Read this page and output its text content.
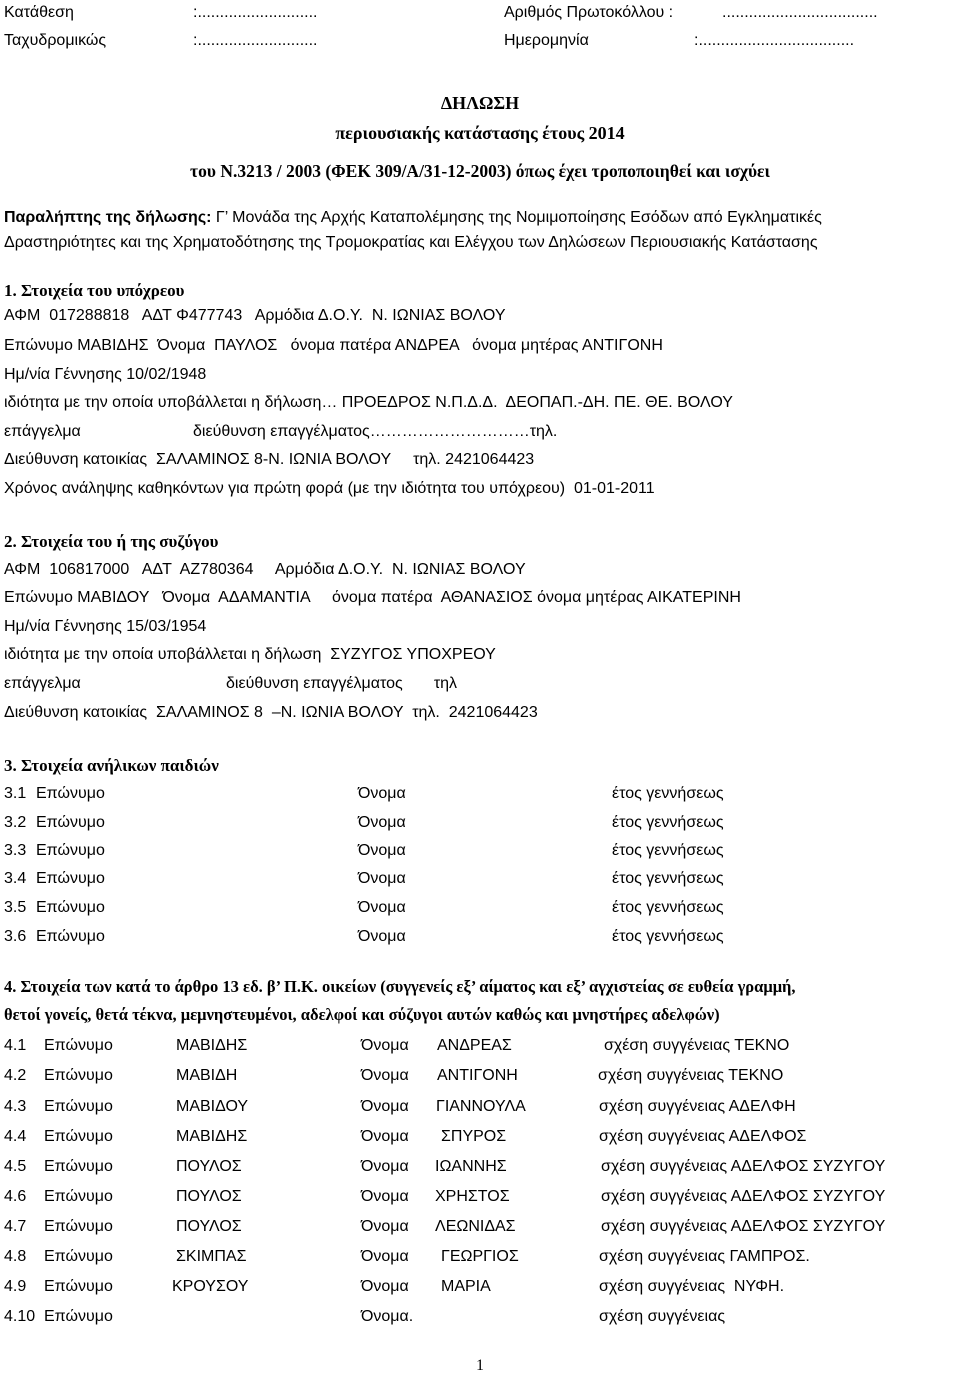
Κατάθεση	:...........................	Αριθμός Πρωτοκόλλου :	...................................
Ταχυδρομικώς	:...........................	Ημερομηνία	:...................................
ΔΗΛΩΣΗ
περιουσιακής κατάστασης έτους 2014
του Ν.3213 / 2003 (ΦΕΚ 309/Α/31-12-2003) όπως έχει τροποποιηθεί και ισχύει
Παραλήπτης της δήλωσης: Γ’ Μονάδα της Αρχής Καταπολέμησης της Νομιμοποίησης Εσόδων από Εγκληματικές
Δραστηριότητες και της Χρηματοδότησης της Τρομοκρατίας και Ελέγχου των Δηλώσεων Περιουσιακής Κατάστασης
1. Στοιχεία του υπόχρεου
ΑΦΜ  017288818   ΑΔΤ Φ477743   Αρμόδια Δ.Ο.Υ.  Ν. ΙΩΝΙΑΣ ΒΟΛΟΥ
Επώνυμο ΜΑΒΙΔΗΣ  Όνομα  ΠΑΥΛΟΣ   όνομα πατέρα ΑΝΔΡΕΑ   όνομα μητέρας ΑΝΤΙΓΟΝΗ
Ημ/νία Γέννησης 10/02/1948
ιδιότητα με την οποία υποβάλλεται η δήλωση… ΠΡΟΕΔΡΟΣ Ν.Π.Δ.Δ.  ΔΕΟΠΑΠ.-ΔΗ. ΠΕ. ΘΕ. ΒΟΛΟΥ
επάγγελμα	διεύθυνση επαγγέλματος…………………………τηλ.
Διεύθυνση κατοικίας  ΣΑΛΑΜΙΝΟΣ 8-Ν. ΙΩΝΙΑ ΒΟΛΟΥ     τηλ. 2421064423
Χρόνος ανάληψης καθηκόντων για πρώτη φορά (με την ιδιότητα του υπόχρεου)  01-01-2011
2. Στοιχεία του ή της συζύγου
ΑΦΜ  106817000   ΑΔΤ  ΑΖ780364     Αρμόδια Δ.Ο.Υ.  Ν. ΙΩΝΙΑΣ ΒΟΛΟΥ
Επώνυμο ΜΑΒΙΔΟΥ   Όνομα  ΑΔΑΜΑΝΤΙΑ     όνομα πατέρα  ΑΘΑΝΑΣΙΟΣ όνομα μητέρας ΑΙΚΑΤΕΡΙΝΗ
Ημ/νία Γέννησης 15/03/1954
ιδιότητα με την οποία υποβάλλεται η δήλωση  ΣΥΖΥΓΟΣ ΥΠΟΧΡΕΟΥ
επάγγελμα	διεύθυνση επαγγέλματος       τηλ
Διεύθυνση κατοικίας  ΣΑΛΑΜΙΝΟΣ 8  –Ν. ΙΩΝΙΑ ΒΟΛΟΥ  τηλ.  2421064423
3. Στοιχεία ανήλικων παιδιών
3.1 Επώνυμο	Όνομα	έτος γεννήσεως
3.2 Επώνυμο	Όνομα	έτος γεννήσεως
3.3 Επώνυμο	Όνομα	έτος γεννήσεως
3.4 Επώνυμο	Όνομα	έτος γεννήσεως
3.5 Επώνυμο	Όνομα	έτος γεννήσεως
3.6 Επώνυμο	Όνομα	έτος γεννήσεως
4. Στοιχεία των κατά το άρθρο 13 εδ. β’ Π.Κ. οικείων (συγγενείς εξ’ αίματος και εξ’ αγχιστείας σε ευθεία γραμμή,
θετοί γονείς, θετά τέκνα, μεμνηστευμένοι, αδελφοί και σύζυγοι αυτών καθώς και μνηστήρες αδελφών)
4.1 Επώνυμο	ΜΑΒΙΔΗΣ	Όνομα ΑΝΔΡΕΑΣ	σχέση συγγένειας ΤΕΚΝΟ
4.2 Επώνυμο	ΜΑΒΙΔΗ	Όνομα ΑΝΤΙΓΟΝΗ	σχέση συγγένειας ΤΕΚΝΟ
4.3 Επώνυμο	ΜΑΒΙΔΟΥ	Όνομα ΓΙΑΝΝΟΥΛΑ	σχέση συγγένειας ΑΔΕΛΦΗ
4.4 Επώνυμο	ΜΑΒΙΔΗΣ	Όνομα ΣΠΥΡΟΣ	σχέση συγγένειας ΑΔΕΛΦΟΣ
4.5 Επώνυμο	ΠΟΥΛΟΣ	Όνομα ΙΩΑΝΝΗΣ	σχέση συγγένειας ΑΔΕΛΦΟΣ ΣΥΖΥΓΟΥ
4.6 Επώνυμο	ΠΟΥΛΟΣ	Όνομα ΧΡΗΣΤΟΣ	σχέση συγγένειας ΑΔΕΛΦΟΣ ΣΥΖΥΓΟΥ
4.7 Επώνυμο	ΠΟΥΛΟΣ	Όνομα ΛΕΩΝΙΔΑΣ	σχέση συγγένειας ΑΔΕΛΦΟΣ ΣΥΖΥΓΟΥ
4.8 Επώνυμο	ΣΚΙΜΠΑΣ	Όνομα ΓΕΩΡΓΙΟΣ	σχέση συγγένειας ΓΑΜΠΡΟΣ.
4.9 Επώνυμο	ΚΡΟΥΣΟΥ	Όνομα ΜΑΡΙΑ	σχέση συγγένειας  ΝΥΦΗ.
4.10 Επώνυμο	Όνομα.	σχέση συγγένειας
1
